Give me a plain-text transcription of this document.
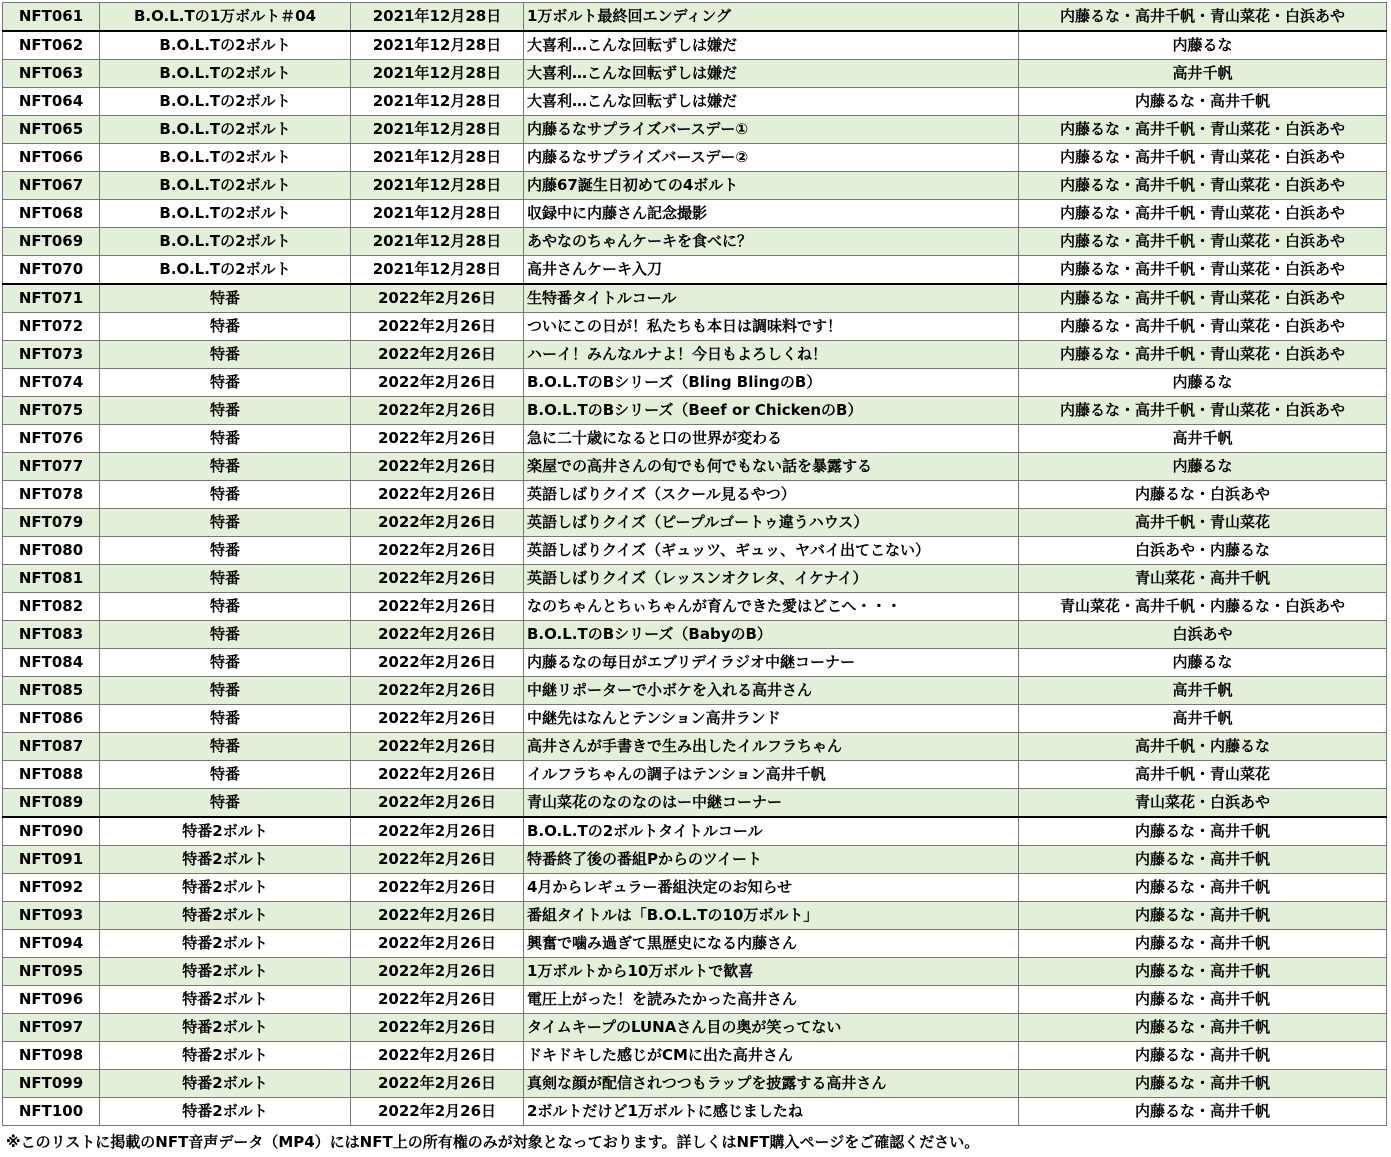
NFT061	B.O.L.Tの1万ボルト＃04	2021年12月28日	1万ボルト最終回エンディング	内藤るな・高井千帆・青山菜花・白浜あや
NFT062	B.O.L.Tの2ボルト	2021年12月28日	大喜利…こんな回転ずしは嫌だ	内藤るな
NFT063	B.O.L.Tの2ボルト	2021年12月28日	大喜利…こんな回転ずしは嫌だ	高井千帆
NFT064	B.O.L.Tの2ボルト	2021年12月28日	大喜利…こんな回転ずしは嫌だ	内藤るな・高井千帆
NFT065	B.O.L.Tの2ボルト	2021年12月28日	内藤るなサプライズバースデー①	内藤るな・高井千帆・青山菜花・白浜あや
NFT066	B.O.L.Tの2ボルト	2021年12月28日	内藤るなサプライズバースデー②	内藤るな・高井千帆・青山菜花・白浜あや
NFT067	B.O.L.Tの2ボルト	2021年12月28日	内藤67誕生日初めての4ボルト	内藤るな・高井千帆・青山菜花・白浜あや
NFT068	B.O.L.Tの2ボルト	2021年12月28日	収録中に内藤さん記念撮影	内藤るな・高井千帆・青山菜花・白浜あや
NFT069	B.O.L.Tの2ボルト	2021年12月28日	あやなのちゃんケーキを食べに？	内藤るな・高井千帆・青山菜花・白浜あや
NFT070	B.O.L.Tの2ボルト	2021年12月28日	高井さんケーキ入刀	内藤るな・高井千帆・青山菜花・白浜あや
NFT071	特番	2022年2月26日	生特番タイトルコール	内藤るな・高井千帆・青山菜花・白浜あや
NFT072	特番	2022年2月26日	ついにこの日が！私たちも本日は調味料です！	内藤るな・高井千帆・青山菜花・白浜あや
NFT073	特番	2022年2月26日	ハーイ！みんなルナよ！今日もよろしくね！	内藤るな・高井千帆・青山菜花・白浜あや
NFT074	特番	2022年2月26日	B.O.L.TのBシリーズ（Bling BlingのB）	内藤るな
NFT075	特番	2022年2月26日	B.O.L.TのBシリーズ（Beef or ChickenのB）	内藤るな・高井千帆・青山菜花・白浜あや
NFT076	特番	2022年2月26日	急に二十歳になると口の世界が変わる	高井千帆
NFT077	特番	2022年2月26日	楽屋での高井さんの旬でも何でもない話を暴露する	内藤るな
NFT078	特番	2022年2月26日	英語しばりクイズ（スクール見るやつ）	内藤るな・白浜あや
NFT079	特番	2022年2月26日	英語しばりクイズ（ピープルゴートゥ違うハウス）	高井千帆・青山菜花
NFT080	特番	2022年2月26日	英語しばりクイズ（ギュッツ、ギュッ、ヤバイ出てこない）	白浜あや・内藤るな
NFT081	特番	2022年2月26日	英語しばりクイズ（レッスンオクレタ、イケナイ）	青山菜花・高井千帆
NFT082	特番	2022年2月26日	なのちゃんとちぃちゃんが育んできた愛はどこへ・・・	青山菜花・高井千帆・内藤るな・白浜あや
NFT083	特番	2022年2月26日	B.O.L.TのBシリーズ（BabyのB）	白浜あや
NFT084	特番	2022年2月26日	内藤るなの毎日がエブリデイラジオ中継コーナー	内藤るな
NFT085	特番	2022年2月26日	中継リポーターで小ボケを入れる高井さん	高井千帆
NFT086	特番	2022年2月26日	中継先はなんとテンション高井ランド	高井千帆
NFT087	特番	2022年2月26日	高井さんが手書きで生み出したイルフラちゃん	高井千帆・内藤るな
NFT088	特番	2022年2月26日	イルフラちゃんの調子はテンション高井千帆	高井千帆・青山菜花
NFT089	特番	2022年2月26日	青山菜花のなのなのはー中継コーナー	青山菜花・白浜あや
NFT090	特番2ボルト	2022年2月26日	B.O.L.Tの2ボルトタイトルコール	内藤るな・高井千帆
NFT091	特番2ボルト	2022年2月26日	特番終了後の番組Pからのツイート	内藤るな・高井千帆
NFT092	特番2ボルト	2022年2月26日	4月からレギュラー番組決定のお知らせ	内藤るな・高井千帆
NFT093	特番2ボルト	2022年2月26日	番組タイトルは「B.O.L.Tの10万ボルト」	内藤るな・高井千帆
NFT094	特番2ボルト	2022年2月26日	興奮で噛み過ぎて黒歴史になる内藤さん	内藤るな・高井千帆
NFT095	特番2ボルト	2022年2月26日	1万ボルトから10万ボルトで歓喜	内藤るな・高井千帆
NFT096	特番2ボルト	2022年2月26日	電圧上がった！を読みたかった高井さん	内藤るな・高井千帆
NFT097	特番2ボルト	2022年2月26日	タイムキープのLUNAさん目の奥が笑ってない	内藤るな・高井千帆
NFT098	特番2ボルト	2022年2月26日	ドキドキした感じがCMに出た高井さん	内藤るな・高井千帆
NFT099	特番2ボルト	2022年2月26日	真剣な顔が配信されつつもラップを披露する高井さん	内藤るな・高井千帆
NFT100	特番2ボルト	2022年2月26日	2ボルトだけど1万ボルトに感じましたね	内藤るな・高井千帆
※このリストに掲載のNFT音声データ（MP4）にはNFT上の所有権のみが対象となっております。詳しくはNFT購入ページをご確認ください。
